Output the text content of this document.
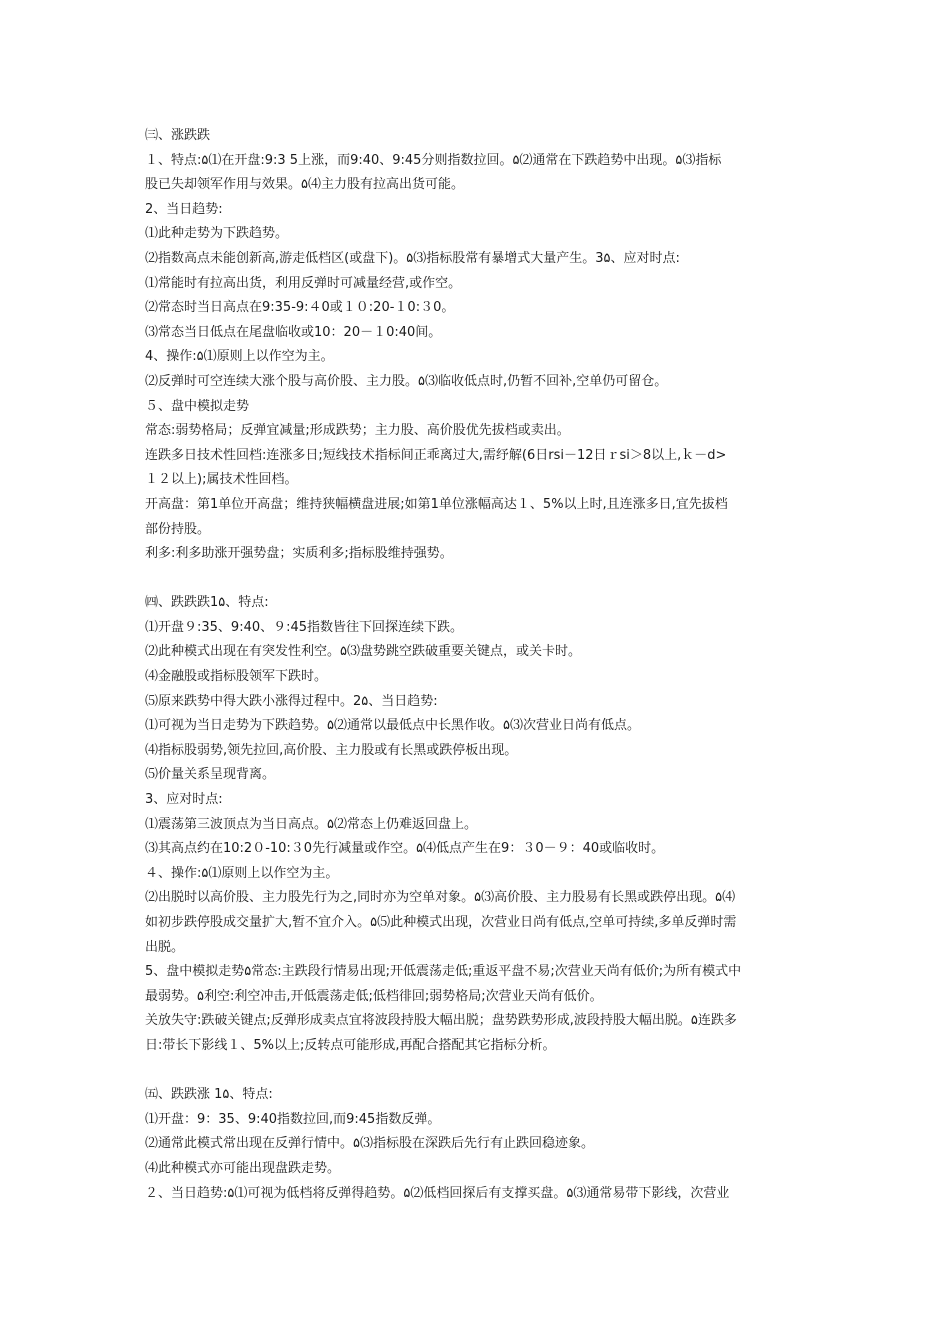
㈢、涨跌跌
１、特点:۵⑴在开盘:9:3 5上涨，而9:40、9:45分则指数拉回。۵⑵通常在下跌趋势中出现。۵⑶指标
股已失却领军作用与效果。۵⑷主力股有拉高出货可能。
2、当日趋势:
⑴此种走势为下跌趋势。
⑵指数高点未能创新高,游走低档区(或盘下)。۵⑶指标股常有暴增式大量产生。3۵、应对时点:
⑴常能时有拉高出货，利用反弹时可减量经营,或作空。
⑵常态时当日高点在9:35-9:４0或１０:20-１0:３0。
⑶常态当日低点在尾盘临收或10：20－１0:40间。
4、操作:۵⑴原则上以作空为主。
⑵反弹时可空连续大涨个股与高价股、主力股。۵⑶临收低点时,仍暂不回补,空单仍可留仓。
５、盘中模拟走势
常态:弱势格局；反弹宜减量;形成跌势；主力股、高价股优先拔档或卖出。
连跌多日技术性回档:连涨多日;短线技术指标间正乖离过大,需纾解(6日rsi－12日ｒsi＞8以上,ｋ－d>
１２以上);属技术性回档。
开高盘：第1单位开高盘；维持狭幅横盘进展;如第1单位涨幅高达１、5%以上时,且连涨多日,宜先拔档
部份持股。
利多:利多助涨开强势盘；实质利多;指标股维持强势。
㈣、跌跌跌1۵、特点:
⑴开盘９:35、9:40、９:45指数皆往下回探连续下跌。
⑵此种模式出现在有突发性利空。۵⑶盘势跳空跌破重要关键点，或关卡时。
⑷金融股或指标股领军下跌时。
⑸原来跌势中得大跌小涨得过程中。2۵、当日趋势:
⑴可视为当日走势为下跌趋势。۵⑵通常以最低点中长黑作收。۵⑶次营业日尚有低点。
⑷指标股弱势,领先拉回,高价股、主力股或有长黑或跌停板出现。
⑸价量关系呈现背离。
3、应对时点:
⑴震荡第三波顶点为当日高点。۵⑵常态上仍难返回盘上。
⑶其高点约在10:2０-10:３0先行减量或作空。۵⑷低点产生在9：３0－９：40或临收时。
４、操作:۵⑴原则上以作空为主。
⑵出脱时以高价股、主力股先行为之,同时亦为空单对象。۵⑶高价股、主力股易有长黑或跌停出现。۵⑷
如初步跌停股成交量扩大,暂不宜介入。۵⑸此种模式出现，次营业日尚有低点,空单可持续,多单反弹时需
出脱。
5、盘中模拟走势۵常态:主跌段行情易出现;开低震荡走低;重返平盘不易;次营业天尚有低价;为所有模式中
最弱势。۵利空:利空冲击,开低震荡走低;低档徘回;弱势格局;次营业天尚有低价。
关放失守:跌破关键点;反弹形成卖点宜将波段持股大幅出脱；盘势跌势形成,波段持股大幅出脱。۵连跌多
日:带长下影线１、5%以上;反转点可能形成,再配合搭配其它指标分析。
㈤、跌跌涨 1۵、特点:
⑴开盘：9：35、9:40指数拉回,而9:45指数反弹。
⑵通常此模式常出现在反弹行情中。۵⑶指标股在深跌后先行有止跌回稳迹象。
⑷此种模式亦可能出现盘跌走势。
２、当日趋势:۵⑴可视为低档将反弹得趋势。۵⑵低档回探后有支撑买盘。۵⑶通常易带下影线，次营业
